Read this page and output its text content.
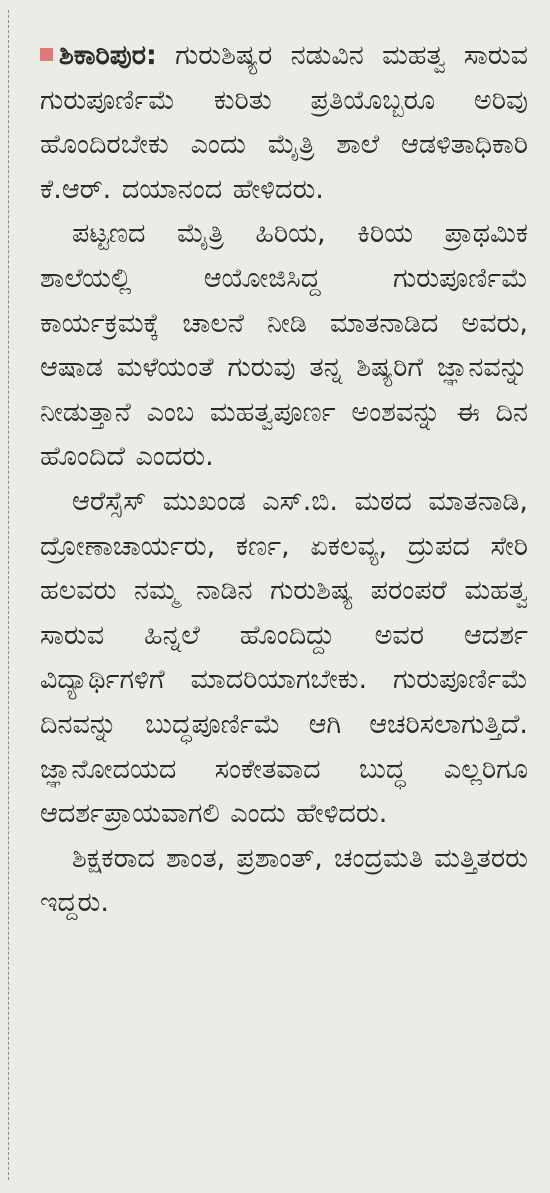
ಶಿಕಾರಿಪುರ: ಗುರುಶಿಷ್ಯರ ನಡುವಿನ ಮಹತ್ವ ಸಾರುವ ಗುರುಪೂರ್ಣಿಮೆ ಕುರಿತು ಪ್ರತಿಯೊಬ್ಬರೂ ಅರಿವು ಹೊಂದಿರಬೇಕು ಎಂದು ಮೈತ್ರಿ ಶಾಲೆ ಆಡಳಿತಾಧಿಕಾರಿ ಕೆ.ಆರ್. ದಯಾನಂದ ಹೇಳಿದರು.

ಪಟ್ಟಣದ ಮೈತ್ರಿ ಹಿರಿಯ, ಕಿರಿಯ ಪ್ರಾಥಮಿಕ ಶಾಲೆಯಲ್ಲಿ ಆಯೋಜಿಸಿದ್ದ ಗುರುಪೂರ್ಣಿಮೆ ಕಾರ್ಯಕ್ರಮಕ್ಕೆ ಚಾಲನೆ ನೀಡಿ ಮಾತನಾಡಿದ ಅವರು, ಆಷಾಡ ಮಳೆಯಂತೆ ಗುರುವು ತನ್ನ ಶಿಷ್ಯರಿಗೆ ಜ್ಞಾನವನ್ನು ನೀಡುತ್ತಾನೆ ಎಂಬ ಮಹತ್ವಪೂರ್ಣ ಅಂಶವನ್ನು ಈ ದಿನ ಹೊಂದಿದೆ ಎಂದರು.

ಆರೆಸ್ಸೆಸ್ ಮುಖಂಡ ಎಸ್.ಬಿ. ಮಠದ ಮಾತನಾಡಿ, ದ್ರೋಣಾಚಾರ್ಯರು, ಕರ್ಣ, ಏಕಲವ್ಯ, ದ್ರುಪದ ಸೇರಿ ಹಲವರು ನಮ್ಮ ನಾಡಿನ ಗುರುಶಿಷ್ಯ ಪರಂಪರೆ ಮಹತ್ವ ಸಾರುವ ಹಿನ್ನಲೆ ಹೊಂದಿದ್ದು ಅವರ ಆದರ್ಶ ವಿದ್ಯಾರ್ಥಿಗಳಿಗೆ ಮಾದರಿಯಾಗಬೇಕು. ಗುರುಪೂರ್ಣಿಮೆ ದಿನವನ್ನು ಬುದ್ಧಪೂರ್ಣಿಮೆ ಆಗಿ ಆಚರಿಸಲಾಗುತ್ತಿದೆ. ಜ್ಞಾನೋದಯದ ಸಂಕೇತವಾದ ಬುದ್ಧ ಎಲ್ಲರಿಗೂ ಆದರ್ಶಪ್ರಾಯವಾಗಲಿ ಎಂದು ಹೇಳಿದರು.

ಶಿಕ್ಷಕರಾದ ಶಾಂತ, ಪ್ರಶಾಂತ್, ಚಂದ್ರಮತಿ ಮತ್ತಿತರರು ಇದ್ದರು.
